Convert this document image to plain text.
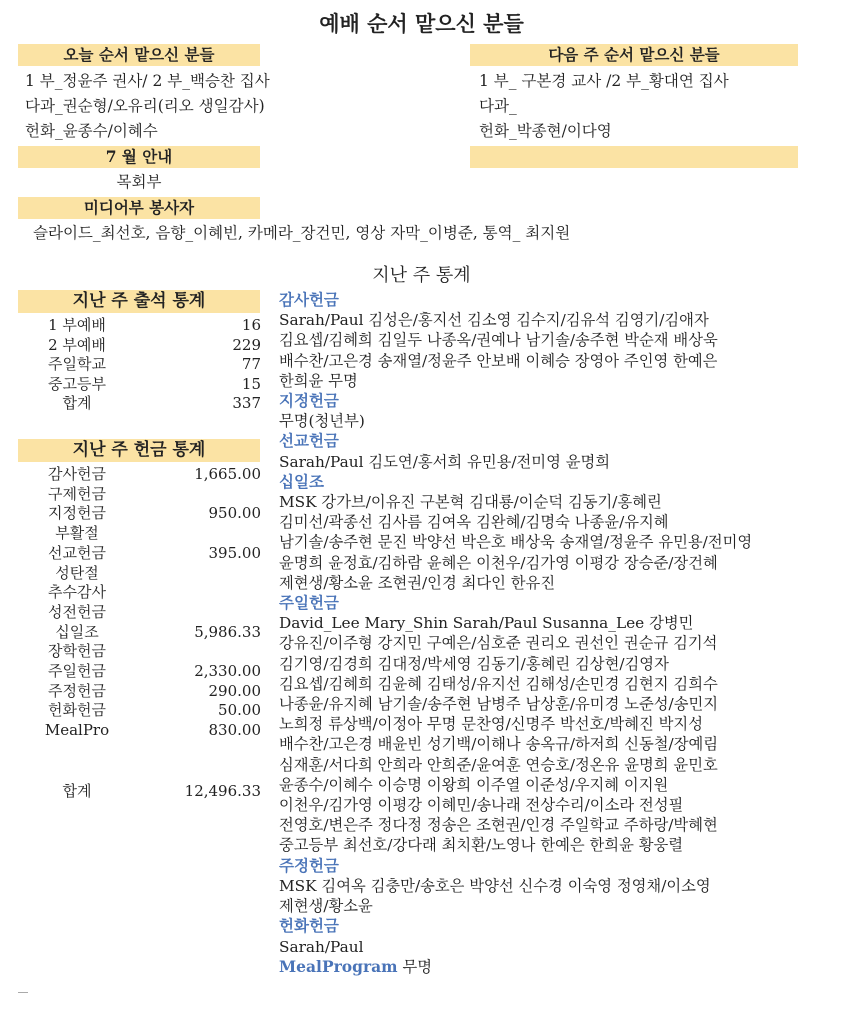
예배 순서 맡으신 분들
오늘 순서 맡으신 분들
1 부_정윤주 권사/ 2 부_백승찬 집사
다과_권순형/오유리(리오 생일감사)
헌화_윤종수/이혜수
7 월 안내
목회부
미디어부 봉사자
슬라이드_최선호, 음향_이혜빈, 카메라_장건민, 영상 자막_이병준, 통역_ 최지원
다음 주 순서 맡으신 분들
1 부_ 구본경 교사 /2 부_황대연 집사
다과_
헌화_박종현/이다영
지난 주 통계
지난 주 출석 통계
1 부예배	16
2 부예배	229
주일학교	77
중고등부	15
합계	337
지난 주 헌금 통계
감사헌금	1,665.00
구제헌금
지정헌금	950.00
부활절
선교헌금	395.00
성탄절
추수감사
성전헌금
십일조	5,986.33
장학헌금
주일헌금	2,330.00
주정헌금	290.00
헌화헌금	50.00
MealPro	830.00
합계	12,496.33
감사헌금
Sarah/Paul 김성은/홍지선 김소영 김수지/김유석 김영기/김애자
김요셉/김혜희 김일두 나종옥/권예나 남기솔/송주현 박순재 배상욱
배수찬/고은경 송재열/정윤주 안보배 이혜승 장영아 주인영 한예은
한희윤 무명
지정헌금
무명(청년부)
선교헌금
Sarah/Paul 김도연/홍서희 유민용/전미영 윤명희
십일조
MSK 강가브/이유진 구본혁 김대룡/이순덕 김동기/홍혜린
김미선/곽종선 김사름 김여옥 김완혜/김명숙 나종윤/유지혜
남기솔/송주현 문진 박양선 박은호 배상욱 송재열/정윤주 유민용/전미영
윤명희 윤정효/김하람 윤혜은 이천우/김가영 이평강 장승준/장건혜
제현생/황소윤 조현권/인경 최다인 한유진
주일헌금
David_Lee Mary_Shin Sarah/Paul Susanna_Lee 강병민
강유진/이주형 강지민 구예은/심호준 권리오 권선인 권순규 김기석
김기영/김경희 김대정/박세영 김동기/홍혜린 김상현/김영자
김요셉/김혜희 김윤혜 김태성/유지선 김해성/손민경 김현지 김희수
나종윤/유지혜 남기솔/송주현 남병주 남상훈/유미경 노준성/송민지
노희정 류상백/이정아 무명 문찬영/신명주 박선호/박혜진 박지성
배수찬/고은경 배윤빈 성기백/이해나 송옥규/하저희 신동철/장예림
심재훈/서다희 안희라 안희준/윤여훈 연승호/정온유 윤명희 윤민호
윤종수/이혜수 이승명 이왕희 이주열 이준성/우지혜 이지원
이천우/김가영 이평강 이혜민/송나래 전상수리/이소라 전성필
전영호/변은주 정다정 정송은 조현권/인경 주일학교 주하랑/박혜현
중고등부 최선호/강다래 최치환/노영나 한예은 한희윤 황웅렬
주정헌금
MSK 김여옥 김충만/송호은 박양선 신수경 이숙영 정영채/이소영
제현생/황소윤
헌화헌금
Sarah/Paul
MealProgram 무명
